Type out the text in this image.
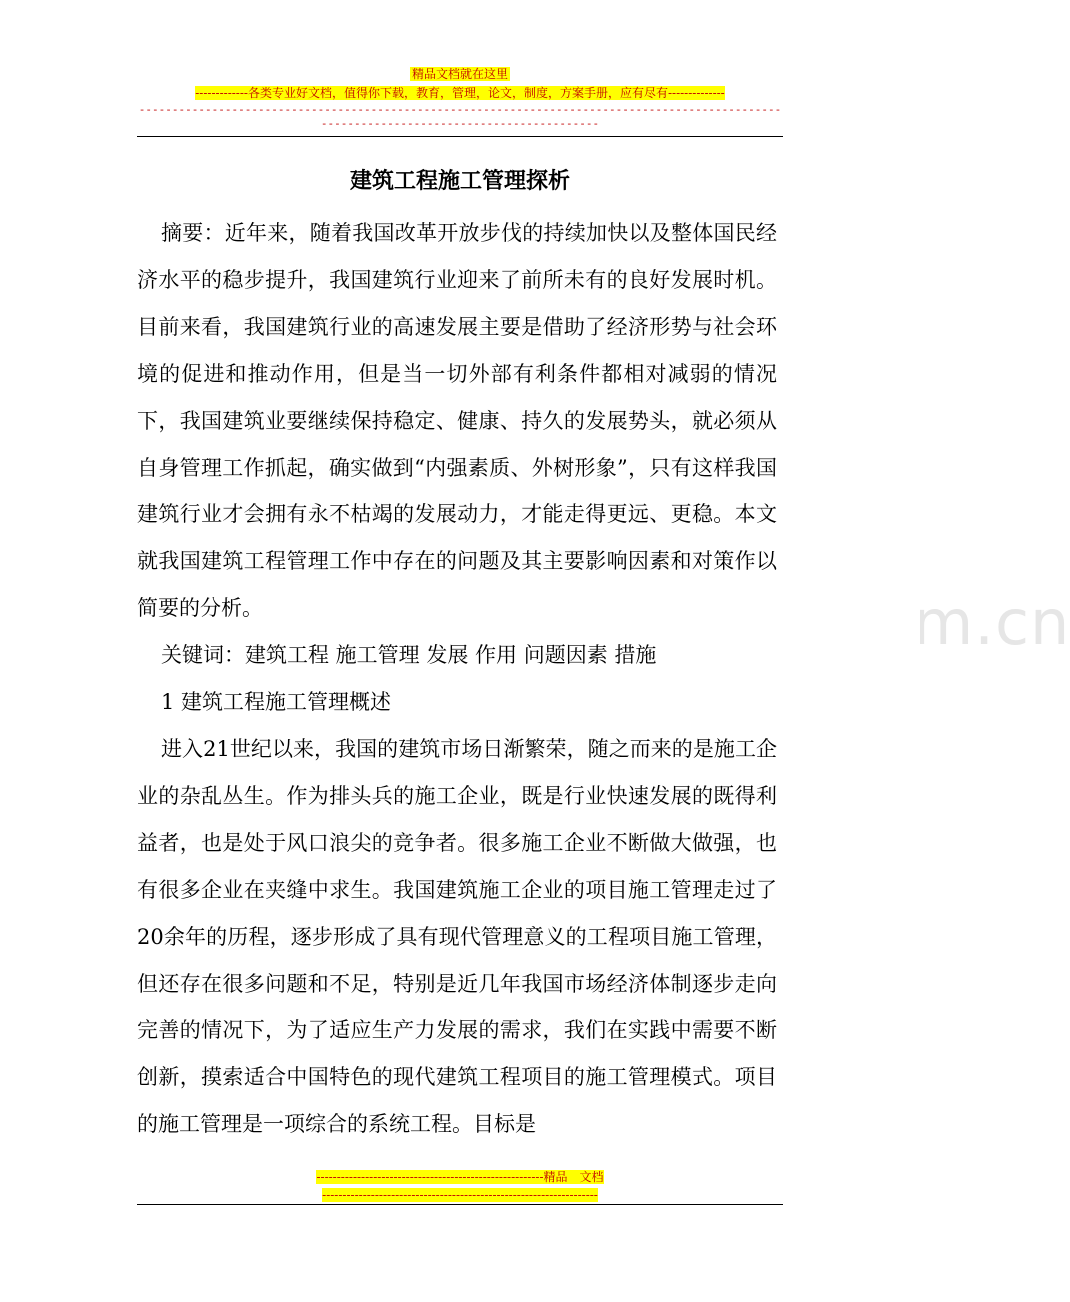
精品文档就在这里
-------------各类专业好文档，值得你下载，教育，管理，论文，制度，方案手册，应有尽有--------------
-------------------------------------------------------------------------------------------------------------------------------------------
www.zixin.com.cn
建筑工程施工管理探析

摘要：近年来，随着我国改革开放步伐的持续加快以及整体国民经济水平的稳步提升，我国建筑行业迎来了前所未有的良好发展时机。目前来看，我国建筑行业的高速发展主要是借助了经济形势与社会环境的促进和推动作用，但是当一切外部有利条件都相对减弱的情况下，我国建筑业要继续保持稳定、健康、持久的发展势头，就必须从自身管理工作抓起，确实做到“内强素质、外树形象”，只有这样我国建筑行业才会拥有永不枯竭的发展动力，才能走得更远、更稳。本文就我国建筑工程管理工作中存在的问题及其主要影响因素和对策作以简要的分析。

关键词：建筑工程 施工管理 发展 作用 问题因素 措施

1 建筑工程施工管理概述

进入21世纪以来，我国的建筑市场日渐繁荣，随之而来的是施工企业的杂乱丛生。作为排头兵的施工企业，既是行业快速发展的既得利益者，也是处于风口浪尖的竞争者。很多施工企业不断做大做强，也有很多企业在夹缝中求生。我国建筑施工企业的项目施工管理走过了20余年的历程，逐步形成了具有现代管理意义的工程项目施工管理，但还存在很多问题和不足，特别是近几年我国市场经济体制逐步走向完善的情况下，为了适应生产力发展的需求，我们在实践中需要不断创新，摸索适合中国特色的现代建筑工程项目的施工管理模式。项目的施工管理是一项综合的系统工程。目标是

--------------------------------------------------------精品　文档
--------------------------------------------------------------------
